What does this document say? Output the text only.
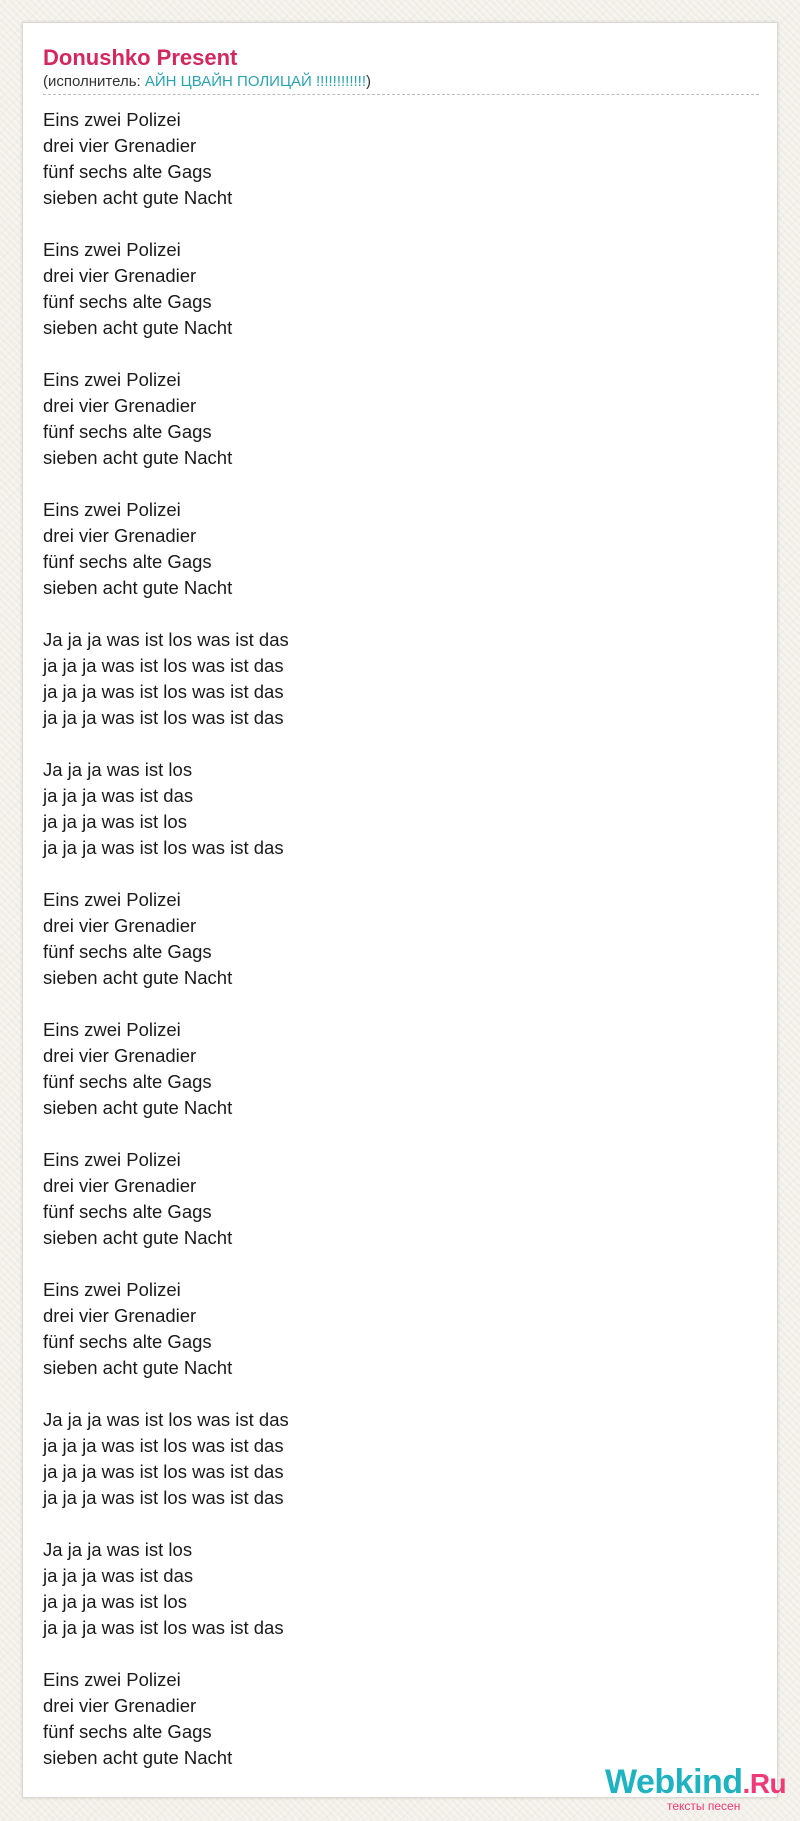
Donushko Present
(исполнитель: АЙН ЦВАЙН ПОЛИЦАЙ !!!!!!!!!!!!)
Eins zwei Polizei
drei vier Grenadier
fünf sechs alte Gags
sieben acht gute Nacht
Eins zwei Polizei
drei vier Grenadier
fünf sechs alte Gags
sieben acht gute Nacht
Eins zwei Polizei
drei vier Grenadier
fünf sechs alte Gags
sieben acht gute Nacht
Eins zwei Polizei
drei vier Grenadier
fünf sechs alte Gags
sieben acht gute Nacht
Ja ja ja was ist los was ist das
ja ja ja was ist los was ist das
ja ja ja was ist los was ist das
ja ja ja was ist los was ist das
Ja ja ja was ist los
ja ja ja was ist das
ja ja ja was ist los
ja ja ja was ist los was ist das
Eins zwei Polizei
drei vier Grenadier
fünf sechs alte Gags
sieben acht gute Nacht
Eins zwei Polizei
drei vier Grenadier
fünf sechs alte Gags
sieben acht gute Nacht
Eins zwei Polizei
drei vier Grenadier
fünf sechs alte Gags
sieben acht gute Nacht
Eins zwei Polizei
drei vier Grenadier
fünf sechs alte Gags
sieben acht gute Nacht
Ja ja ja was ist los was ist das
ja ja ja was ist los was ist das
ja ja ja was ist los was ist das
ja ja ja was ist los was ist das
Ja ja ja was ist los
ja ja ja was ist das
ja ja ja was ist los
ja ja ja was ist los was ist das
Eins zwei Polizei
drei vier Grenadier
fünf sechs alte Gags
sieben acht gute Nacht
Webkind.Ru
тексты песен
